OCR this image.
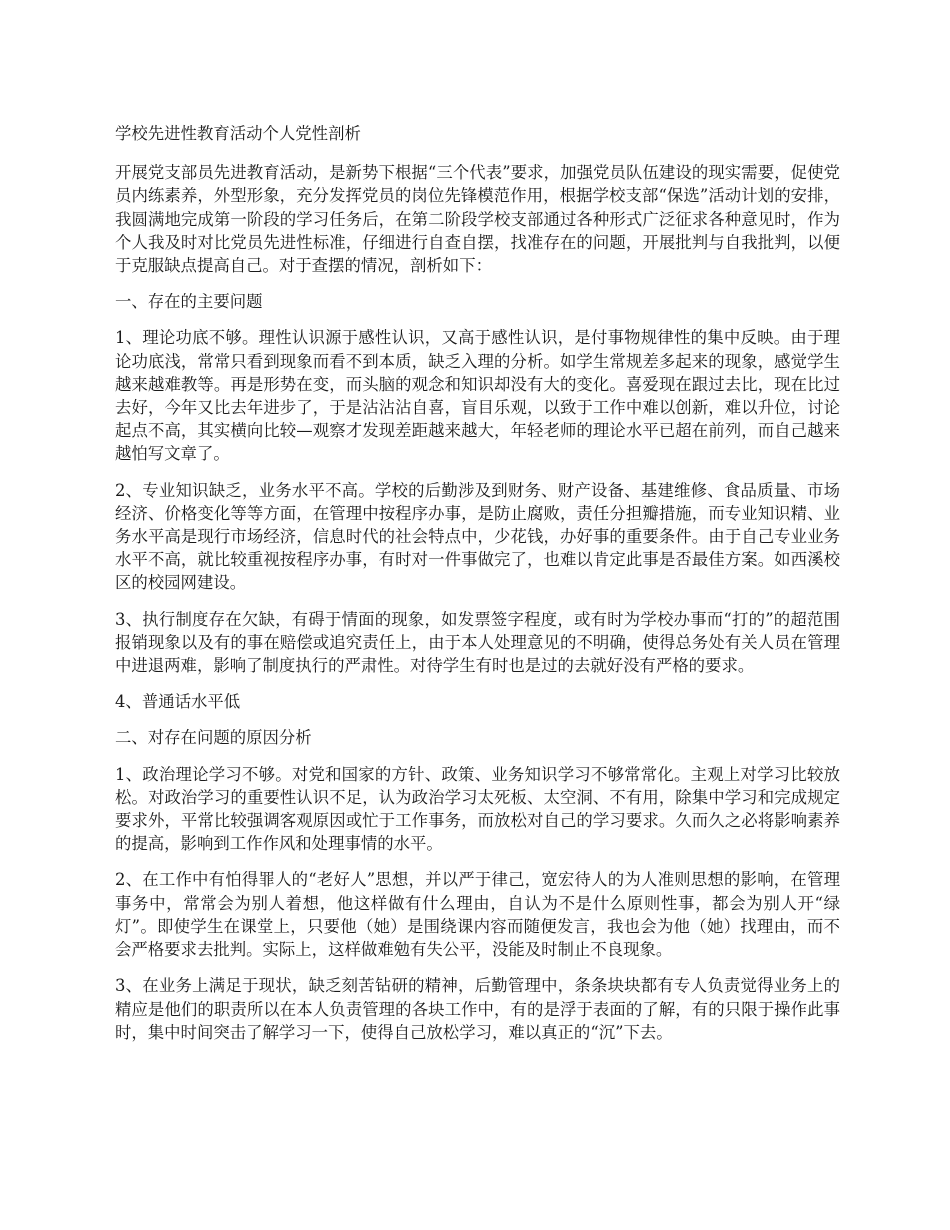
学校先进性教育活动个人党性剖析

开展党支部员先进教育活动，是新势下根据“三个代表”要求，加强党员队伍建设的现实需要，促使党员内练素养，外型形象，充分发挥党员的岗位先锋模范作用，根据学校支部“保选”活动计划的安排，我圆满地完成第一阶段的学习任务后，在第二阶段学校支部通过各种形式广泛征求各种意见时，作为个人我及时对比党员先进性标准，仔细进行自查自摆，找准存在的问题，开展批判与自我批判，以便于克服缺点提高自己。对于查摆的情况，剖析如下：

一、存在的主要问题

1、理论功底不够。理性认识源于感性认识，又高于感性认识，是付事物规律性的集中反映。由于理论功底浅，常常只看到现象而看不到本质，缺乏入理的分析。如学生常规差多起来的现象，感觉学生越来越难教等。再是形势在变，而头脑的观念和知识却没有大的变化。喜爱现在跟过去比，现在比过去好，今年又比去年进步了，于是沾沾沾自喜，盲目乐观，以致于工作中难以创新，难以升位，讨论起点不高，其实横向比较—观察才发现差距越来越大，年轻老师的理论水平已超在前列，而自己越来越怕写文章了。

2、专业知识缺乏，业务水平不高。学校的后勤涉及到财务、财产设备、基建维修、食品质量、市场经济、价格变化等等方面，在管理中按程序办事，是防止腐败，责任分担瓣措施，而专业知识精、业务水平高是现行市场经济，信息时代的社会特点中，少花钱，办好事的重要条件。由于自己专业业务水平不高，就比较重视按程序办事，有时对一件事做完了，也难以肯定此事是否最佳方案。如西溪校区的校园网建设。

3、执行制度存在欠缺，有碍于情面的现象，如发票签字程度，或有时为学校办事而“打的”的超范围报销现象以及有的事在赔偿或追究责任上，由于本人处理意见的不明确，使得总务处有关人员在管理中进退两难，影响了制度执行的严肃性。对待学生有时也是过的去就好没有严格的要求。

4、普通话水平低

二、对存在问题的原因分析

1、政治理论学习不够。对党和国家的方针、政策、业务知识学习不够常常化。主观上对学习比较放松。对政治学习的重要性认识不足，认为政治学习太死板、太空洞、不有用，除集中学习和完成规定要求外，平常比较强调客观原因或忙于工作事务，而放松对自己的学习要求。久而久之必将影响素养的提高，影响到工作作风和处理事情的水平。

2、在工作中有怕得罪人的“老好人”思想，并以严于律己，宽宏待人的为人准则思想的影响，在管理事务中，常常会为别人着想，他这样做有什么理由，自认为不是什么原则性事，都会为别人开“绿灯”。即使学生在课堂上，只要他（她）是围绕课内容而随便发言，我也会为他（她）找理由，而不会严格要求去批判。实际上，这样做难勉有失公平，没能及时制止不良现象。

3、在业务上满足于现状，缺乏刻苦钻研的精神，后勤管理中，条条块块都有专人负责觉得业务上的精应是他们的职责所以在本人负责管理的各块工作中，有的是浮于表面的了解，有的只限于操作此事时，集中时间突击了解学习一下，使得自己放松学习，难以真正的“沉”下去。
